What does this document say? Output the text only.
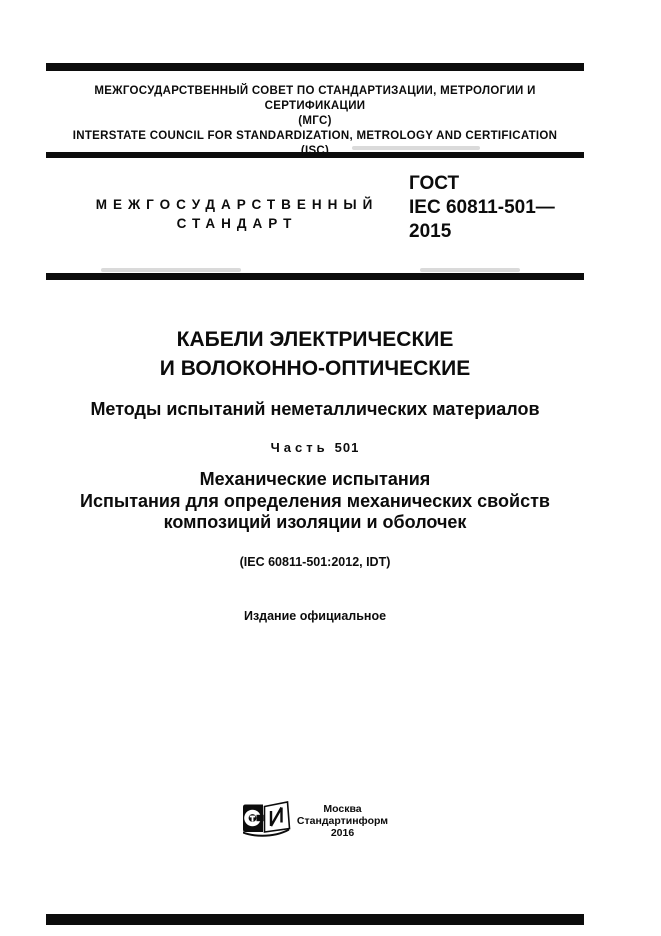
МЕЖГОСУДАРСТВЕННЫЙ СОВЕТ ПО СТАНДАРТИЗАЦИИ, МЕТРОЛОГИИ И СЕРТИФИКАЦИИ
(МГС)
INTERSTATE COUNCIL FOR STANDARDIZATION, METROLOGY AND CERTIFICATION
(ISC)
МЕЖГОСУДАРСТВЕННЫЙ
СТАНДАРТ
ГОСТ
IEC 60811-501—
2015
КАБЕЛИ ЭЛЕКТРИЧЕСКИЕ
И ВОЛОКОННО-ОПТИЧЕСКИЕ
Методы испытаний неметаллических материалов
Часть 501
Механические испытания
Испытания для определения механических свойств
композиций изоляции и оболочек
(IEC 60811-501:2012, IDT)
Издание официальное
Москва
Стандартинформ
2016
